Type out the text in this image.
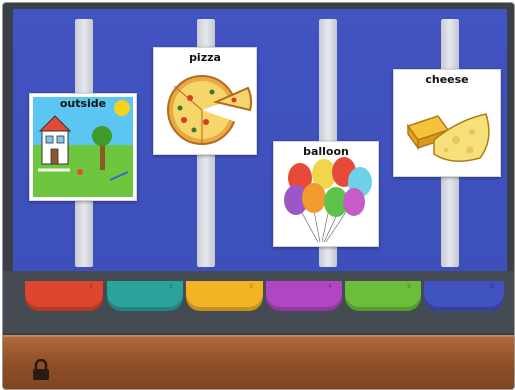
outside
pizza
balloon
cheese
1	2	3	4	5	6
